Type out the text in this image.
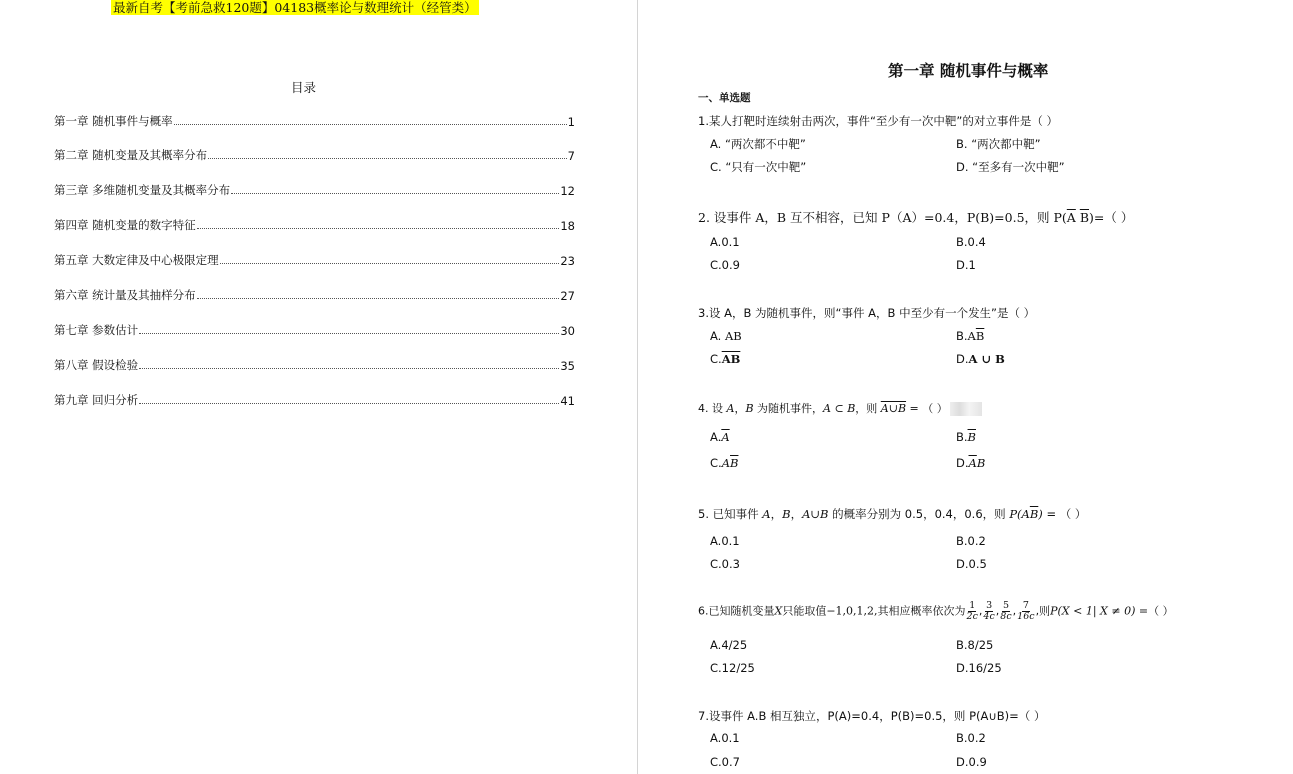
最新自考【考前急救120题】04183概率论与数理统计（经管类）
目录
第一章 随机事件与概率	1
第二章 随机变量及其概率分布	7
第三章 多维随机变量及其概率分布	12
第四章 随机变量的数字特征	18
第五章 大数定律及中心极限定理	23
第六章 统计量及其抽样分布	27
第七章 参数估计	30
第八章 假设检验	35
第九章 回归分析	41
第一章 随机事件与概率
一、单选题
1.某人打靶时连续射击两次，事件“至少有一次中靶”的对立事件是（ ）
A. “两次都不中靶”	B. “两次都中靶”
C. “只有一次中靶”	D. “至多有一次中靶”
2. 设事件 A，B 互不相容，已知 P（A）=0.4，P(B)=0.5，则 $P(\overline{A}$ $\overline{B})=$（ ）
A.0.1	B.0.4
C.0.9	D.1
3.设 A，B 为随机事件，则“事件 A，B 中至少有一个发生”是（ ）
A. AB	$B.A\overline{B}$
$C.\overline{AB}$	D.A ∪ B
4. 设 A，B 为随机事件，A ⊂ B，则 A∪B = （ ）
$A.\overline{A}$	$B.\overline{B}$
$C.A\overline{B}$	$D.\overline{A}B$
5. 已知事件 A，B，A∪B 的概率分别为 0.5，0.4，0.6，则 $P(A\overline{B})$ = （ ）
A.0.1	B.0.2
C.0.3	D.0.5
6.已知随机变量X只能取值−1,0,1,2,其相应概率依次为 $\frac{1}{2c}$ , $\frac{3}{4c}$ , $\frac{5}{8c}$ , $\frac{7}{16c}$ ,则P(X < 1| X ≠ 0) =（ ）
A.4/25	B.8/25
C.12/25	D.16/25
7.设事件 A.B 相互独立，P(A)=0.4，P(B)=0.5，则 P(A∪B)=（ ）
A.0.1	B.0.2
C.0.7	D.0.9
